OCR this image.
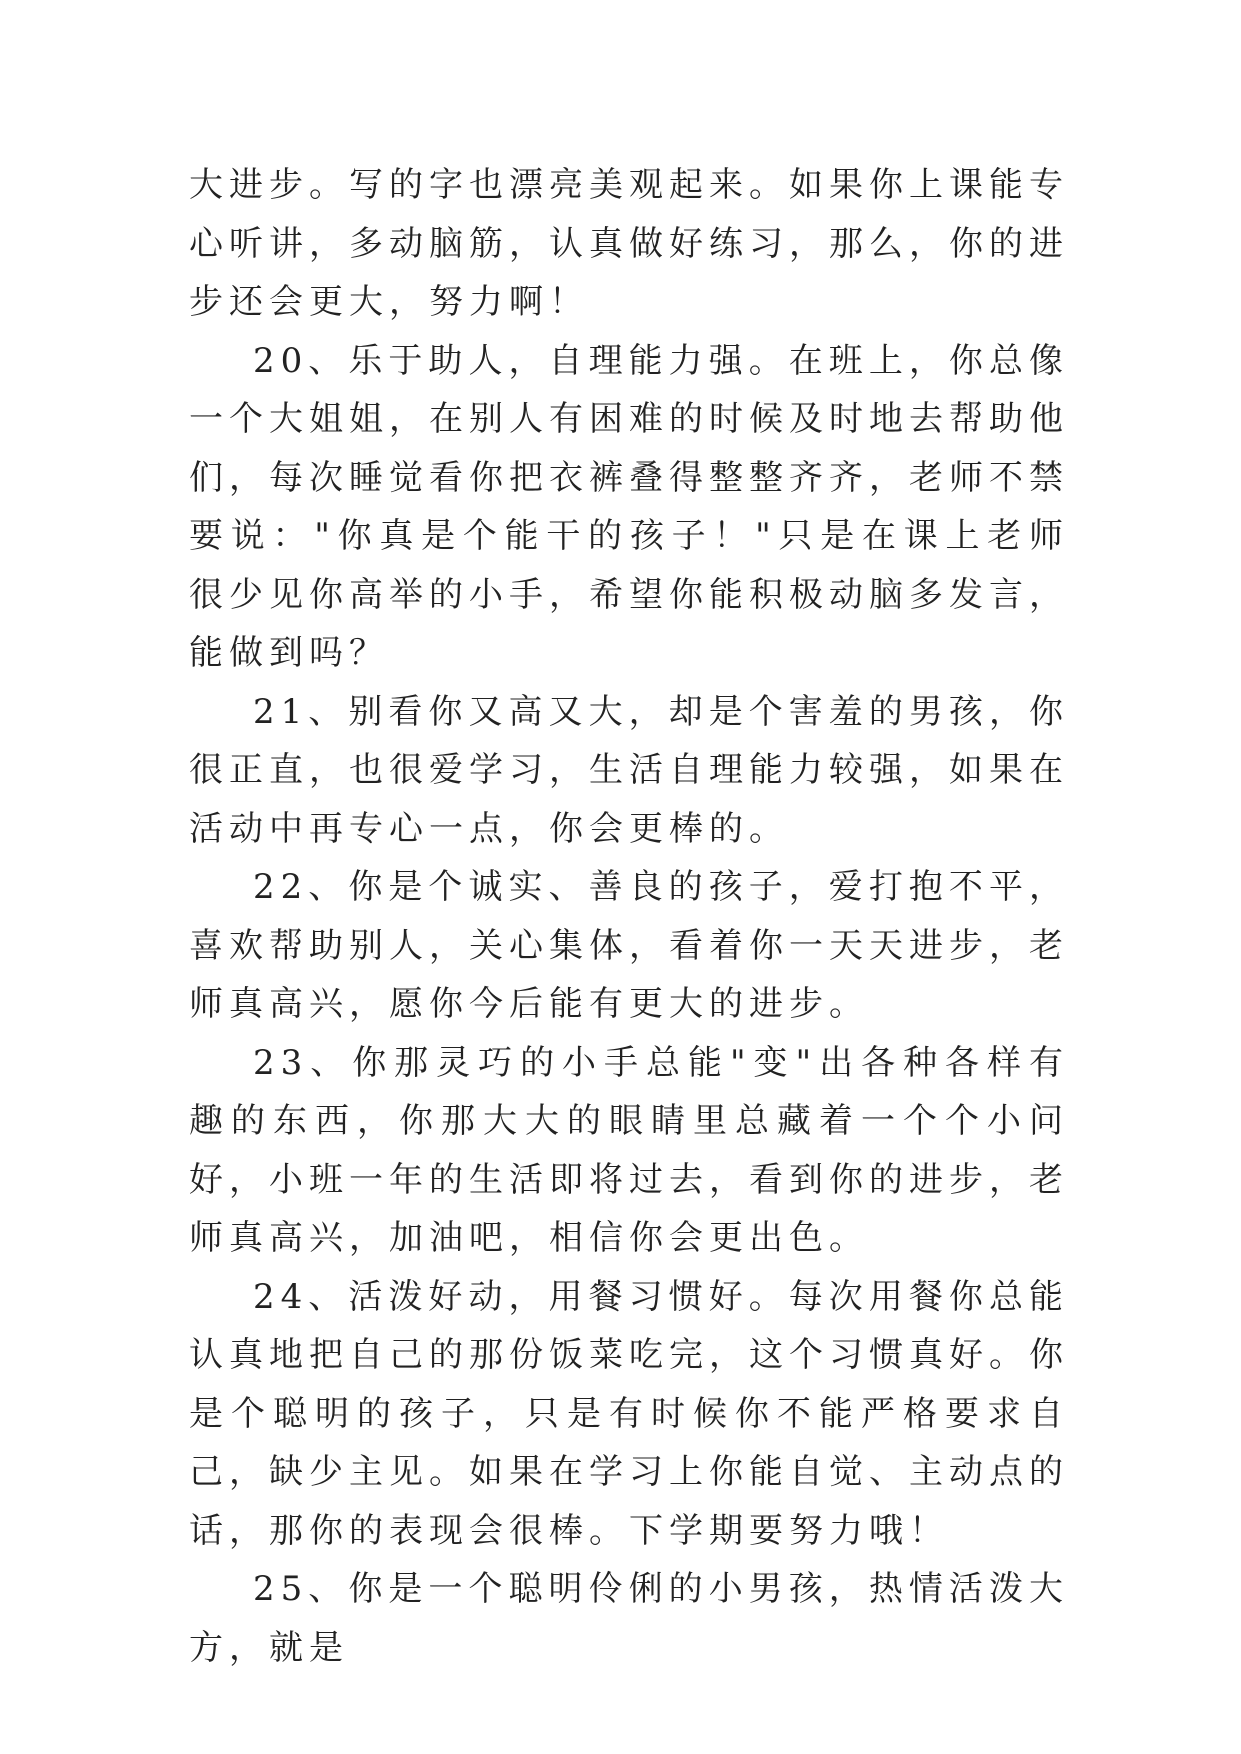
大进步。写的字也漂亮美观起来。如果你上课能专心听讲，多动脑筋，认真做好练习，那么，你的进步还会更大，努力啊！

20、乐于助人，自理能力强。在班上，你总像一个大姐姐，在别人有困难的时候及时地去帮助他们，每次睡觉看你把衣裤叠得整整齐齐，老师不禁要说："你真是个能干的孩子！"只是在课上老师很少见你高举的小手，希望你能积极动脑多发言，能做到吗？

21、别看你又高又大，却是个害羞的男孩，你很正直，也很爱学习，生活自理能力较强，如果在活动中再专心一点，你会更棒的。

22、你是个诚实、善良的孩子，爱打抱不平，喜欢帮助别人，关心集体，看着你一天天进步，老师真高兴，愿你今后能有更大的进步。

23、你那灵巧的小手总能"变"出各种各样有趣的东西，你那大大的眼睛里总藏着一个个小问好，小班一年的生活即将过去，看到你的进步，老师真高兴，加油吧，相信你会更出色。

24、活泼好动，用餐习惯好。每次用餐你总能认真地把自己的那份饭菜吃完，这个习惯真好。你是个聪明的孩子，只是有时候你不能严格要求自己，缺少主见。如果在学习上你能自觉、主动点的话，那你的表现会很棒。下学期要努力哦！

25、你是一个聪明伶俐的小男孩，热情活泼大方，就是
